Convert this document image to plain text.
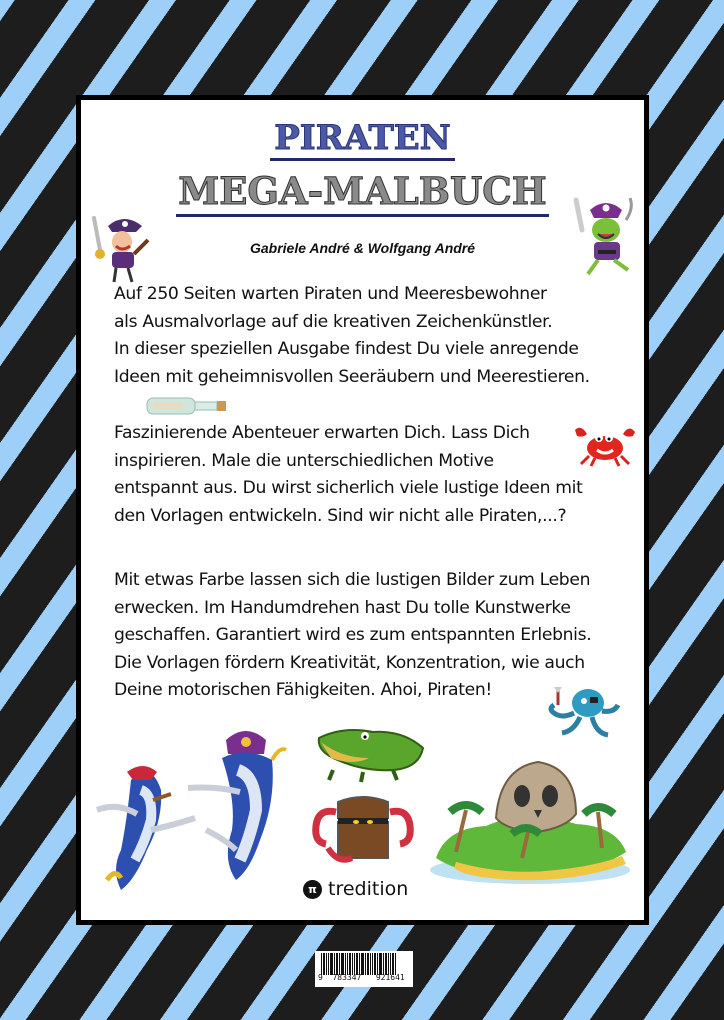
PIRATEN
MEGA-MALBUCH
Gabriele André & Wolfgang André
Auf 250 Seiten warten Piraten und Meeresbewohner
als Ausmalvorlage auf die kreativen Zeichenkünstler.
In dieser speziellen Ausgabe findest Du viele anregende
Ideen mit geheimnisvollen Seeräubern und Meerestieren.
Faszinierende Abenteuer erwarten Dich. Lass Dich
inspirieren. Male die unterschiedlichen Motive
entspannt aus. Du wirst sicherlich viele lustige Ideen mit
den Vorlagen entwickeln. Sind wir nicht alle Piraten,...?
Mit etwas Farbe lassen sich die lustigen Bilder zum Leben
erwecken. Im Handumdrehen hast Du tolle Kunstwerke
geschaffen. Garantiert wird es zum entspannten Erlebnis.
Die Vorlagen fördern Kreativität, Konzentration, wie auch
Deine motorischen Fähigkeiten. Ahoi, Piraten!
π tredition
9 783347 921641
